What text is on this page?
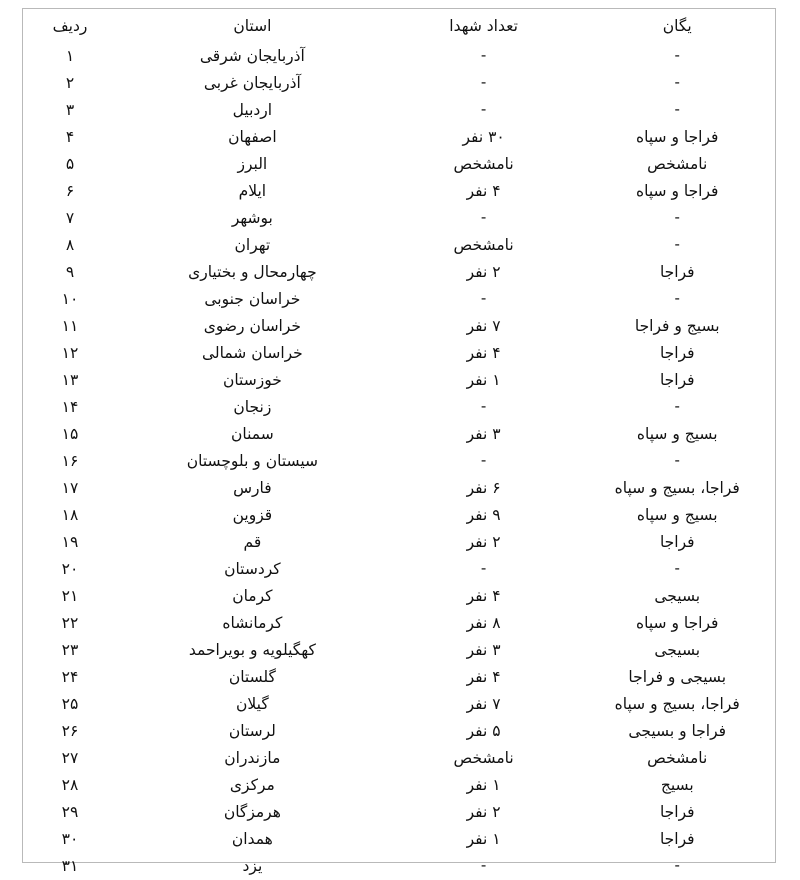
یگان	تعداد شهدا	استان	ردیف
-	-	آذربایجان شرقی	۱
-	-	آذربایجان غربی	۲
-	-	اردبیل	۳
فراجا و سپاه	۳۰ نفر	اصفهان	۴
نامشخص	نامشخص	البرز	۵
فراجا و سپاه	۴ نفر	ایلام	۶
-	-	بوشهر	۷
-	نامشخص	تهران	۸
فراجا	۲ نفر	چهارمحال و بختیاری	۹
-	-	خراسان جنوبی	۱۰
بسیج و فراجا	۷ نفر	خراسان رضوی	۱۱
فراجا	۴ نفر	خراسان شمالی	۱۲
فراجا	۱ نفر	خوزستان	۱۳
-	-	زنجان	۱۴
بسیج و سپاه	۳ نفر	سمنان	۱۵
-	-	سیستان و بلوچستان	۱۶
فراجا، بسیج و سپاه	۶ نفر	فارس	۱۷
بسیج و سپاه	۹ نفر	قزوین	۱۸
فراجا	۲ نفر	قم	۱۹
-	-	کردستان	۲۰
بسیجی	۴ نفر	کرمان	۲۱
فراجا و سپاه	۸ نفر	کرمانشاه	۲۲
بسیجی	۳ نفر	کهگیلویه و بویراحمد	۲۳
بسیجی و فراجا	۴ نفر	گلستان	۲۴
فراجا، بسیج و سپاه	۷ نفر	گیلان	۲۵
فراجا و بسیجی	۵ نفر	لرستان	۲۶
نامشخص	نامشخص	مازندران	۲۷
بسیج	۱ نفر	مرکزی	۲۸
فراجا	۲ نفر	هرمزگان	۲۹
فراجا	۱ نفر	همدان	۳۰
-	-	یزد	۳۱
